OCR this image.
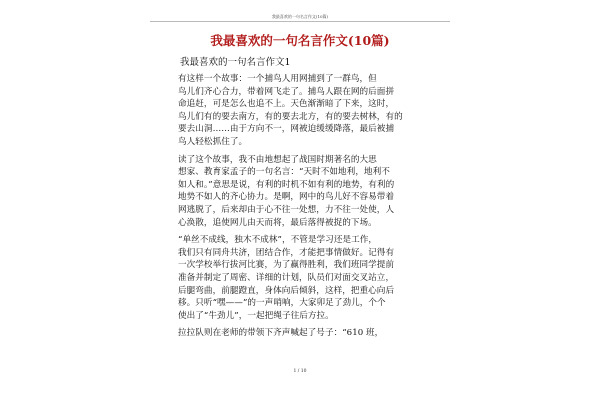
我最喜欢的一句名言作文(10篇)
我最喜欢的一句名言作文(10篇)
我最喜欢的一句名言作文1
有这样一个故事：一个捕鸟人用网捕到了一群鸟，但
鸟儿们齐心合力，带着网飞走了。捕鸟人跟在网的后面拼
命追赶，可是怎么也追不上。天色渐渐暗了下来，这时，
鸟儿们有的要去南方，有的要去北方，有的要去树林，有的
要去山洞……由于方向不一，网被迫缓缓降落，最后被捕
鸟人轻松抓住了。
读了这个故事，我不由地想起了战国时期著名的大思
想家、教育家孟子的一句名言：“天时不如地利，地利不
如人和。”意思是说，有利的时机不如有利的地势，有利的
地势不如人的齐心协力。是啊，网中的鸟儿好不容易带着
网逃脱了，后来却由于心不往一处想，力不往一处使，人
心涣散，追使网儿由天而将，最后落得被捉的下场。
“单丝不成线，独木不成林”，不管是学习还是工作，
我们只有同舟共济，团结合作，才能把事情做好。记得有
一次学校举行拔河比赛，为了赢得胜利，我们班同学提前
准备并制定了周密、详细的计划，队员们对面交叉站立，
后腿弯曲，前腿蹬直，身体向后倾斜，这样，把重心向后
移。只听“嘿——”的一声哨响，大家卯足了劲儿，个个
使出了“牛劲儿”，一起把绳子往后方拉。
拉拉队则在老师的带领下齐声喊起了号子：“610 班，
1 / 10
